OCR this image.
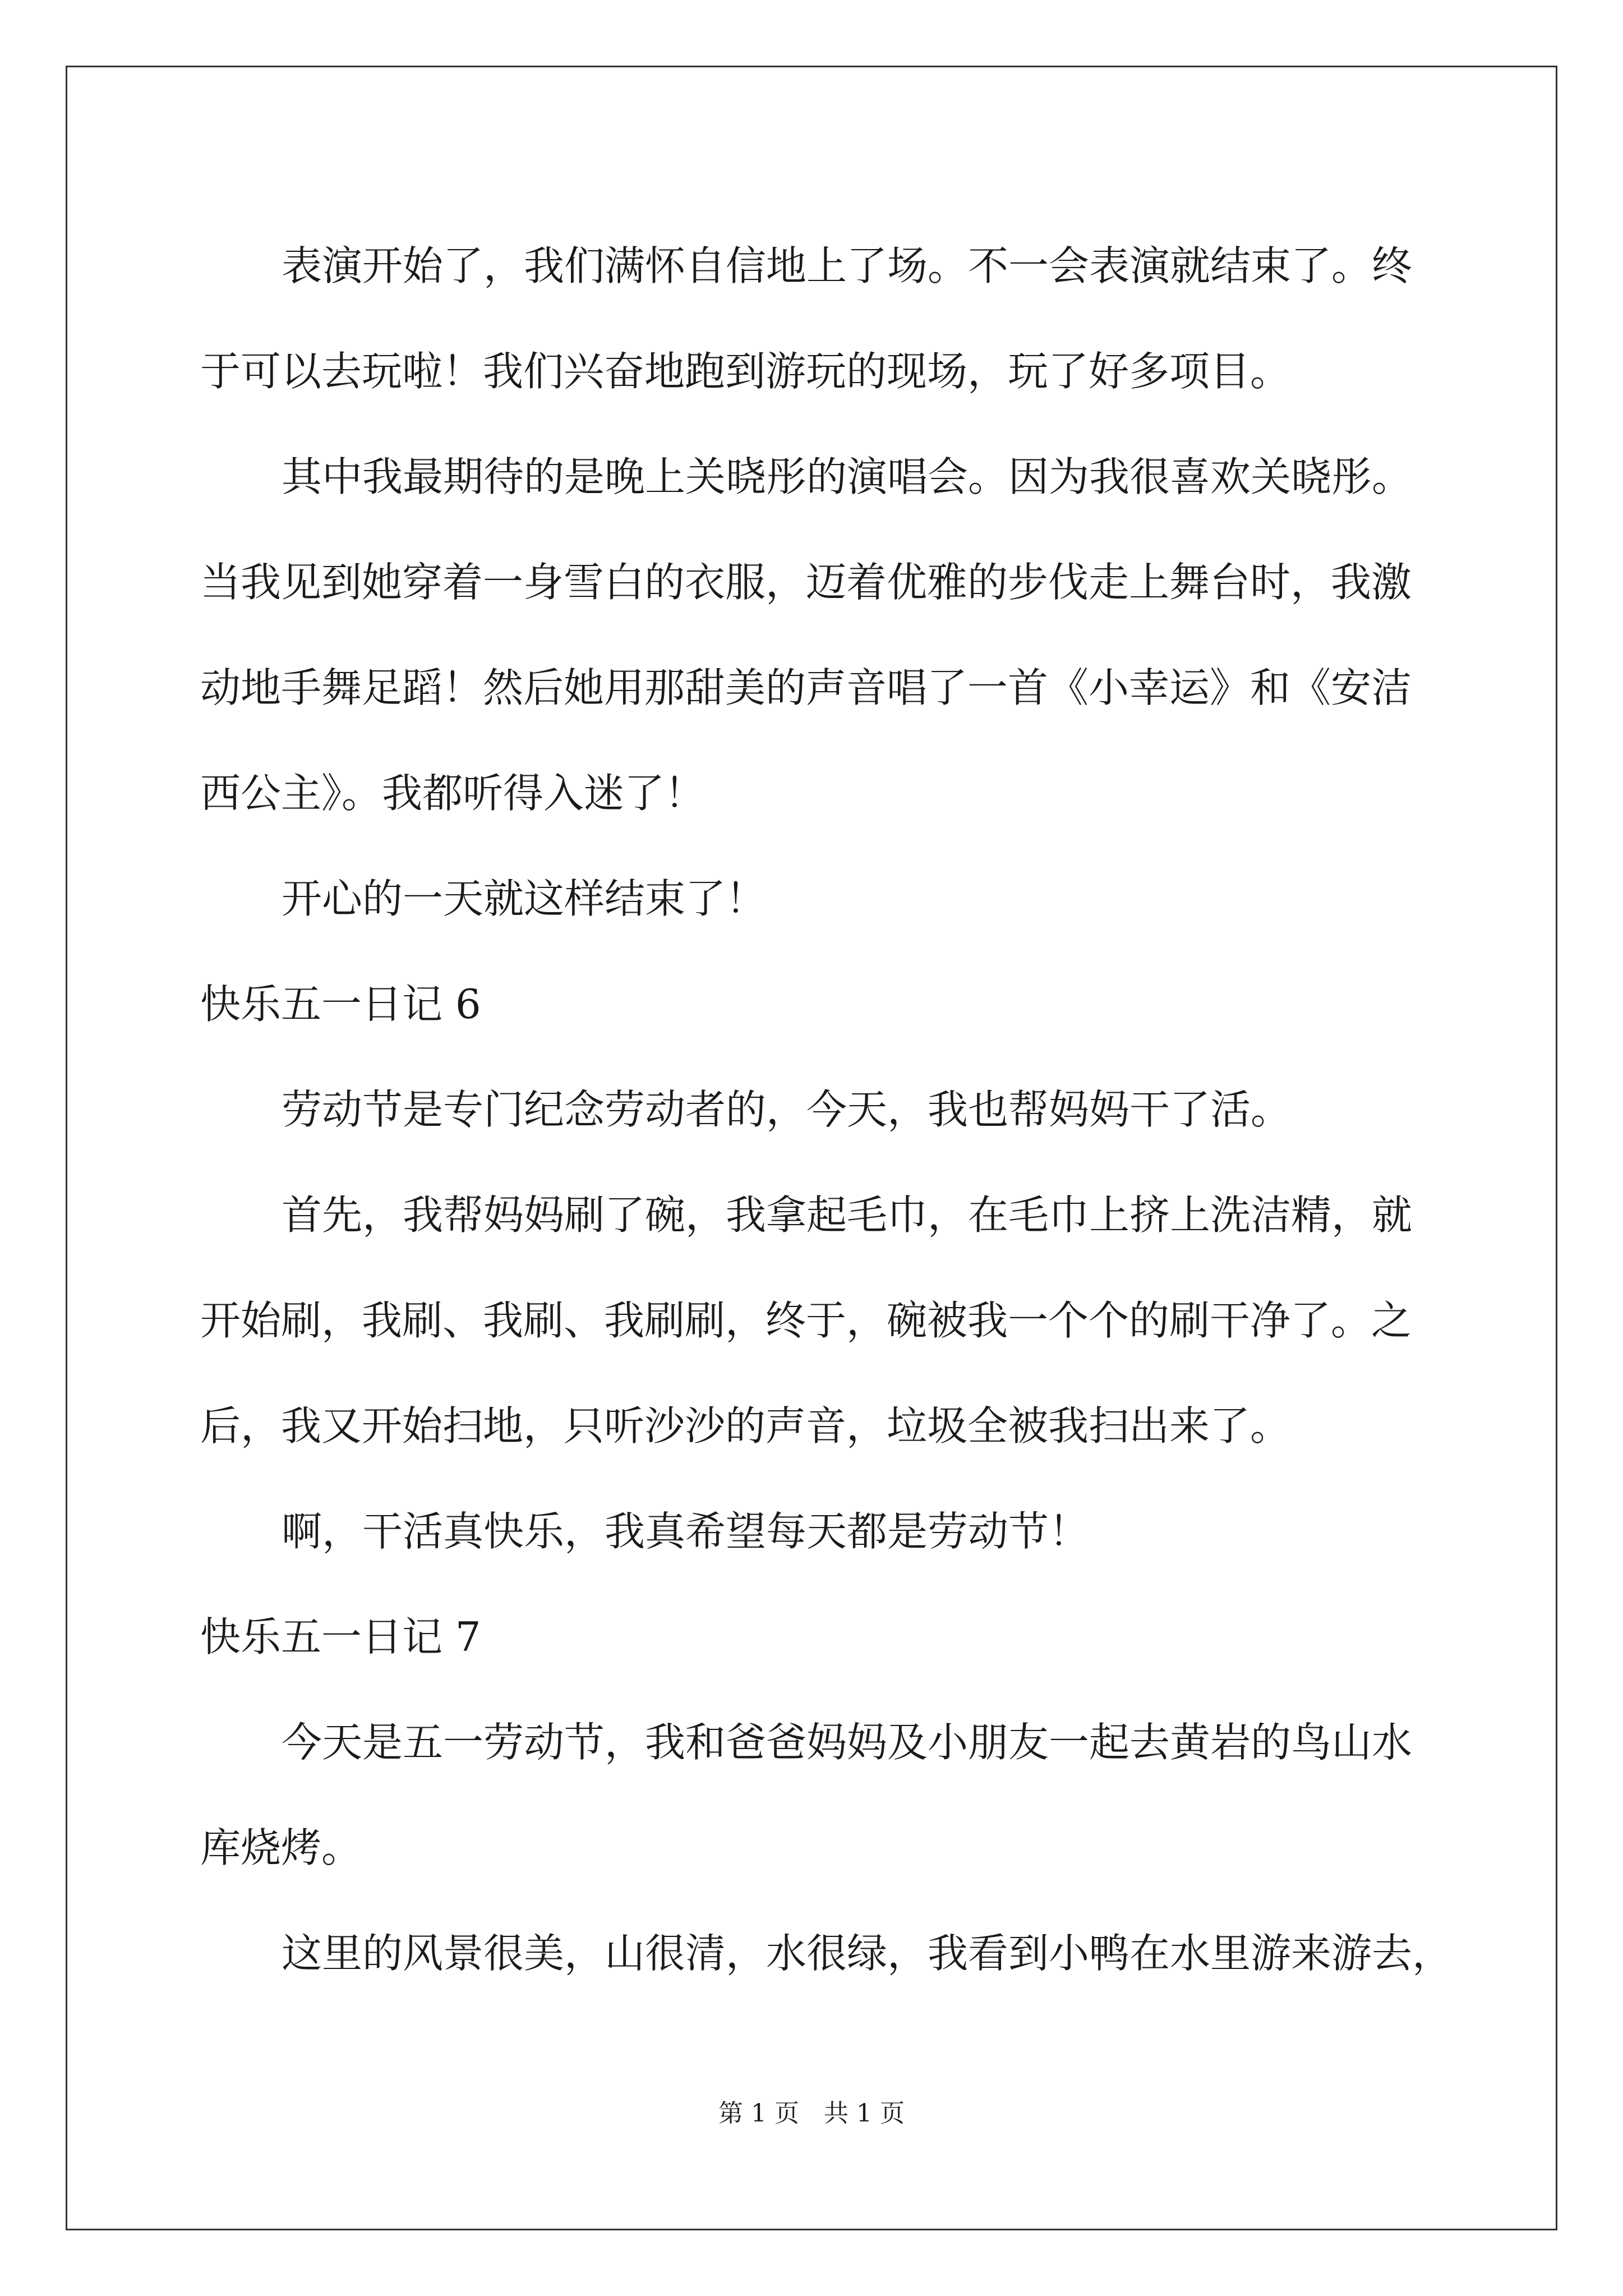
表演开始了，我们满怀自信地上了场。不一会表演就结束了。终
于可以去玩啦！我们兴奋地跑到游玩的现场，玩了好多项目。
其中我最期待的是晚上关晓彤的演唱会。因为我很喜欢关晓彤。
当我见到她穿着一身雪白的衣服，迈着优雅的步伐走上舞台时，我激
动地手舞足蹈！然后她用那甜美的声音唱了一首《小幸运》和《安洁
西公主》。我都听得入迷了！
开心的一天就这样结束了！
快乐五一日记 6
劳动节是专门纪念劳动者的，今天，我也帮妈妈干了活。
首先，我帮妈妈刷了碗，我拿起毛巾，在毛巾上挤上洗洁精，就
开始刷，我刷、我刷、我刷刷，终于，碗被我一个个的刷干净了。之
后，我又开始扫地，只听沙沙的声音，垃圾全被我扫出来了。
啊，干活真快乐，我真希望每天都是劳动节！
快乐五一日记 7
今天是五一劳动节，我和爸爸妈妈及小朋友一起去黄岩的鸟山水
库烧烤。
这里的风景很美，山很清，水很绿，我看到小鸭在水里游来游去，
第 1 页　共 1 页
